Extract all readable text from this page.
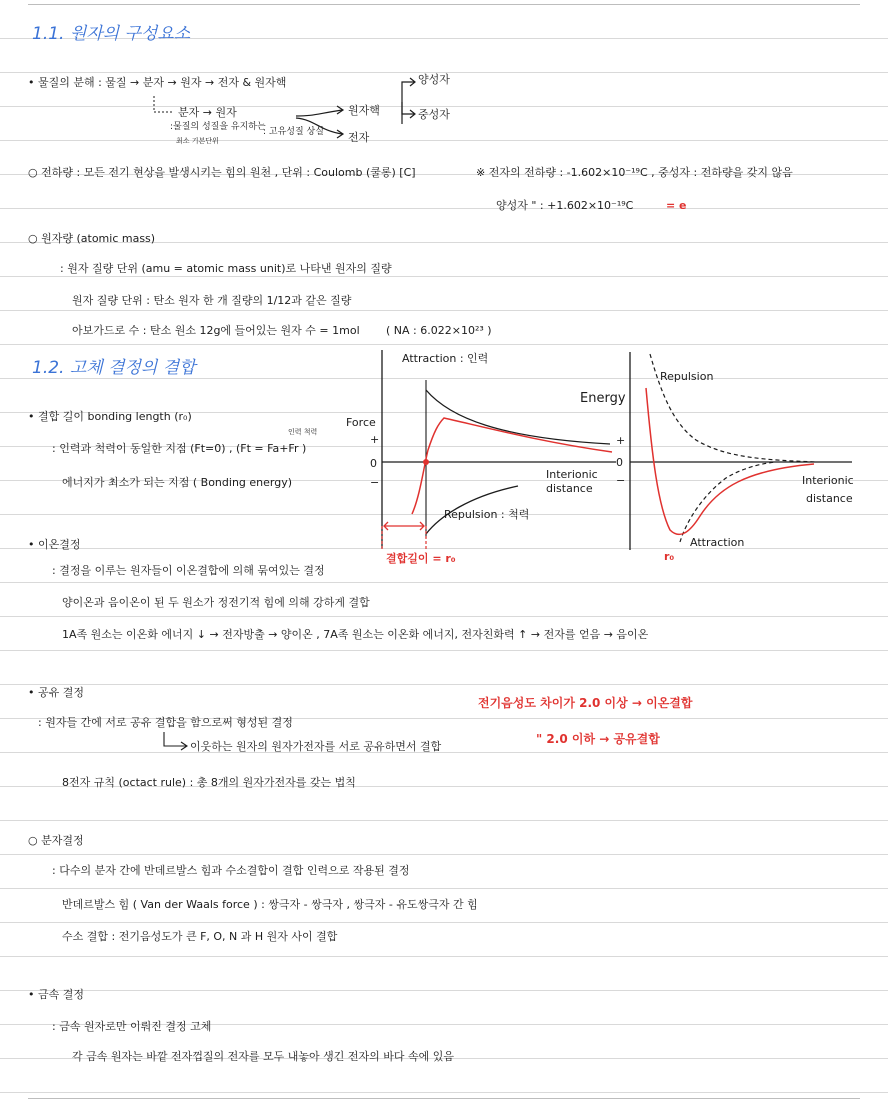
1.1. 원자의 구성요소
• 물질의 분해 : 물질 → 분자 → 원자 → 전자 & 원자핵	양성자
분자 → 원자	원자핵	중성자
:물질의 성질을 유지하는
최소 기본단위
: 고유성질 상실 전자
○ 전하량 : 모든 전기 현상을 발생시키는 힘의 원천 , 단위 : Coulomb (쿨롱) [C]	※ 전자의 전하량 : -1.602×10⁻¹⁹C , 중성자 : 전하량을 갖지 않음
양성자 " : +1.602×10⁻¹⁹C	= e
○ 원자량 (atomic mass)
: 원자 질량 단위 (amu = atomic mass unit)로 나타낸 원자의 질량
원자 질량 단위 : 탄소 원자 한 개 질량의 1/12과 같은 질량
아보가드로 수 : 탄소 원소 12g에 들어있는 원자 수 = 1mol ( NA : 6.022×10²³ )
1.2. 고체 결정의 결합
• 결합 길이 bonding length (r₀)
인력 척력
: 인력과 척력이 동일한 지점 (Ft=0) , (Ft = Fa+Fr )
에너지가 최소가 되는 지점 ( Bonding energy)
Attraction : 인력
Force
+
0
−
Interionic
distance
Repulsion : 척력
결합길이 = r₀
Repulsion
Energy
+
0
−	Interionic
distance
Attraction
r₀
• 이온결정
: 결정을 이루는 원자들이 이온결합에 의해 묶여있는 결정
양이온과 음이온이 된 두 원소가 정전기적 힘에 의해 강하게 결합
1A족 원소는 이온화 에너지 ↓ → 전자방출 → 양이온 , 7A족 원소는 이온화 에너지, 전자친화력 ↑ → 전자를 얻음 → 음이온
• 공유 결정
: 원자들 간에 서로 공유 결합을 함으로써 형성된 결정
이웃하는 원자의 원자가전자를 서로 공유하면서 결합
8전자 규칙 (octact rule) : 총 8개의 원자가전자를 갖는 법칙
전기음성도 차이가 2.0 이상 → 이온결합
" 2.0 이하 → 공유결합
○ 분자결정
: 다수의 분자 간에 반데르발스 힘과 수소결합이 결합 인력으로 작용된 결정
반데르발스 힘 ( Van der Waals force ) : 쌍극자 - 쌍극자 , 쌍극자 - 유도쌍극자 간 힘
수소 결합 : 전기음성도가 큰 F, O, N 과 H 원자 사이 결합
• 금속 결정
: 금속 원자로만 이뤄진 결정 고체
각 금속 원자는 바깥 전자껍질의 전자를 모두 내놓아 생긴 전자의 바다 속에 있음
